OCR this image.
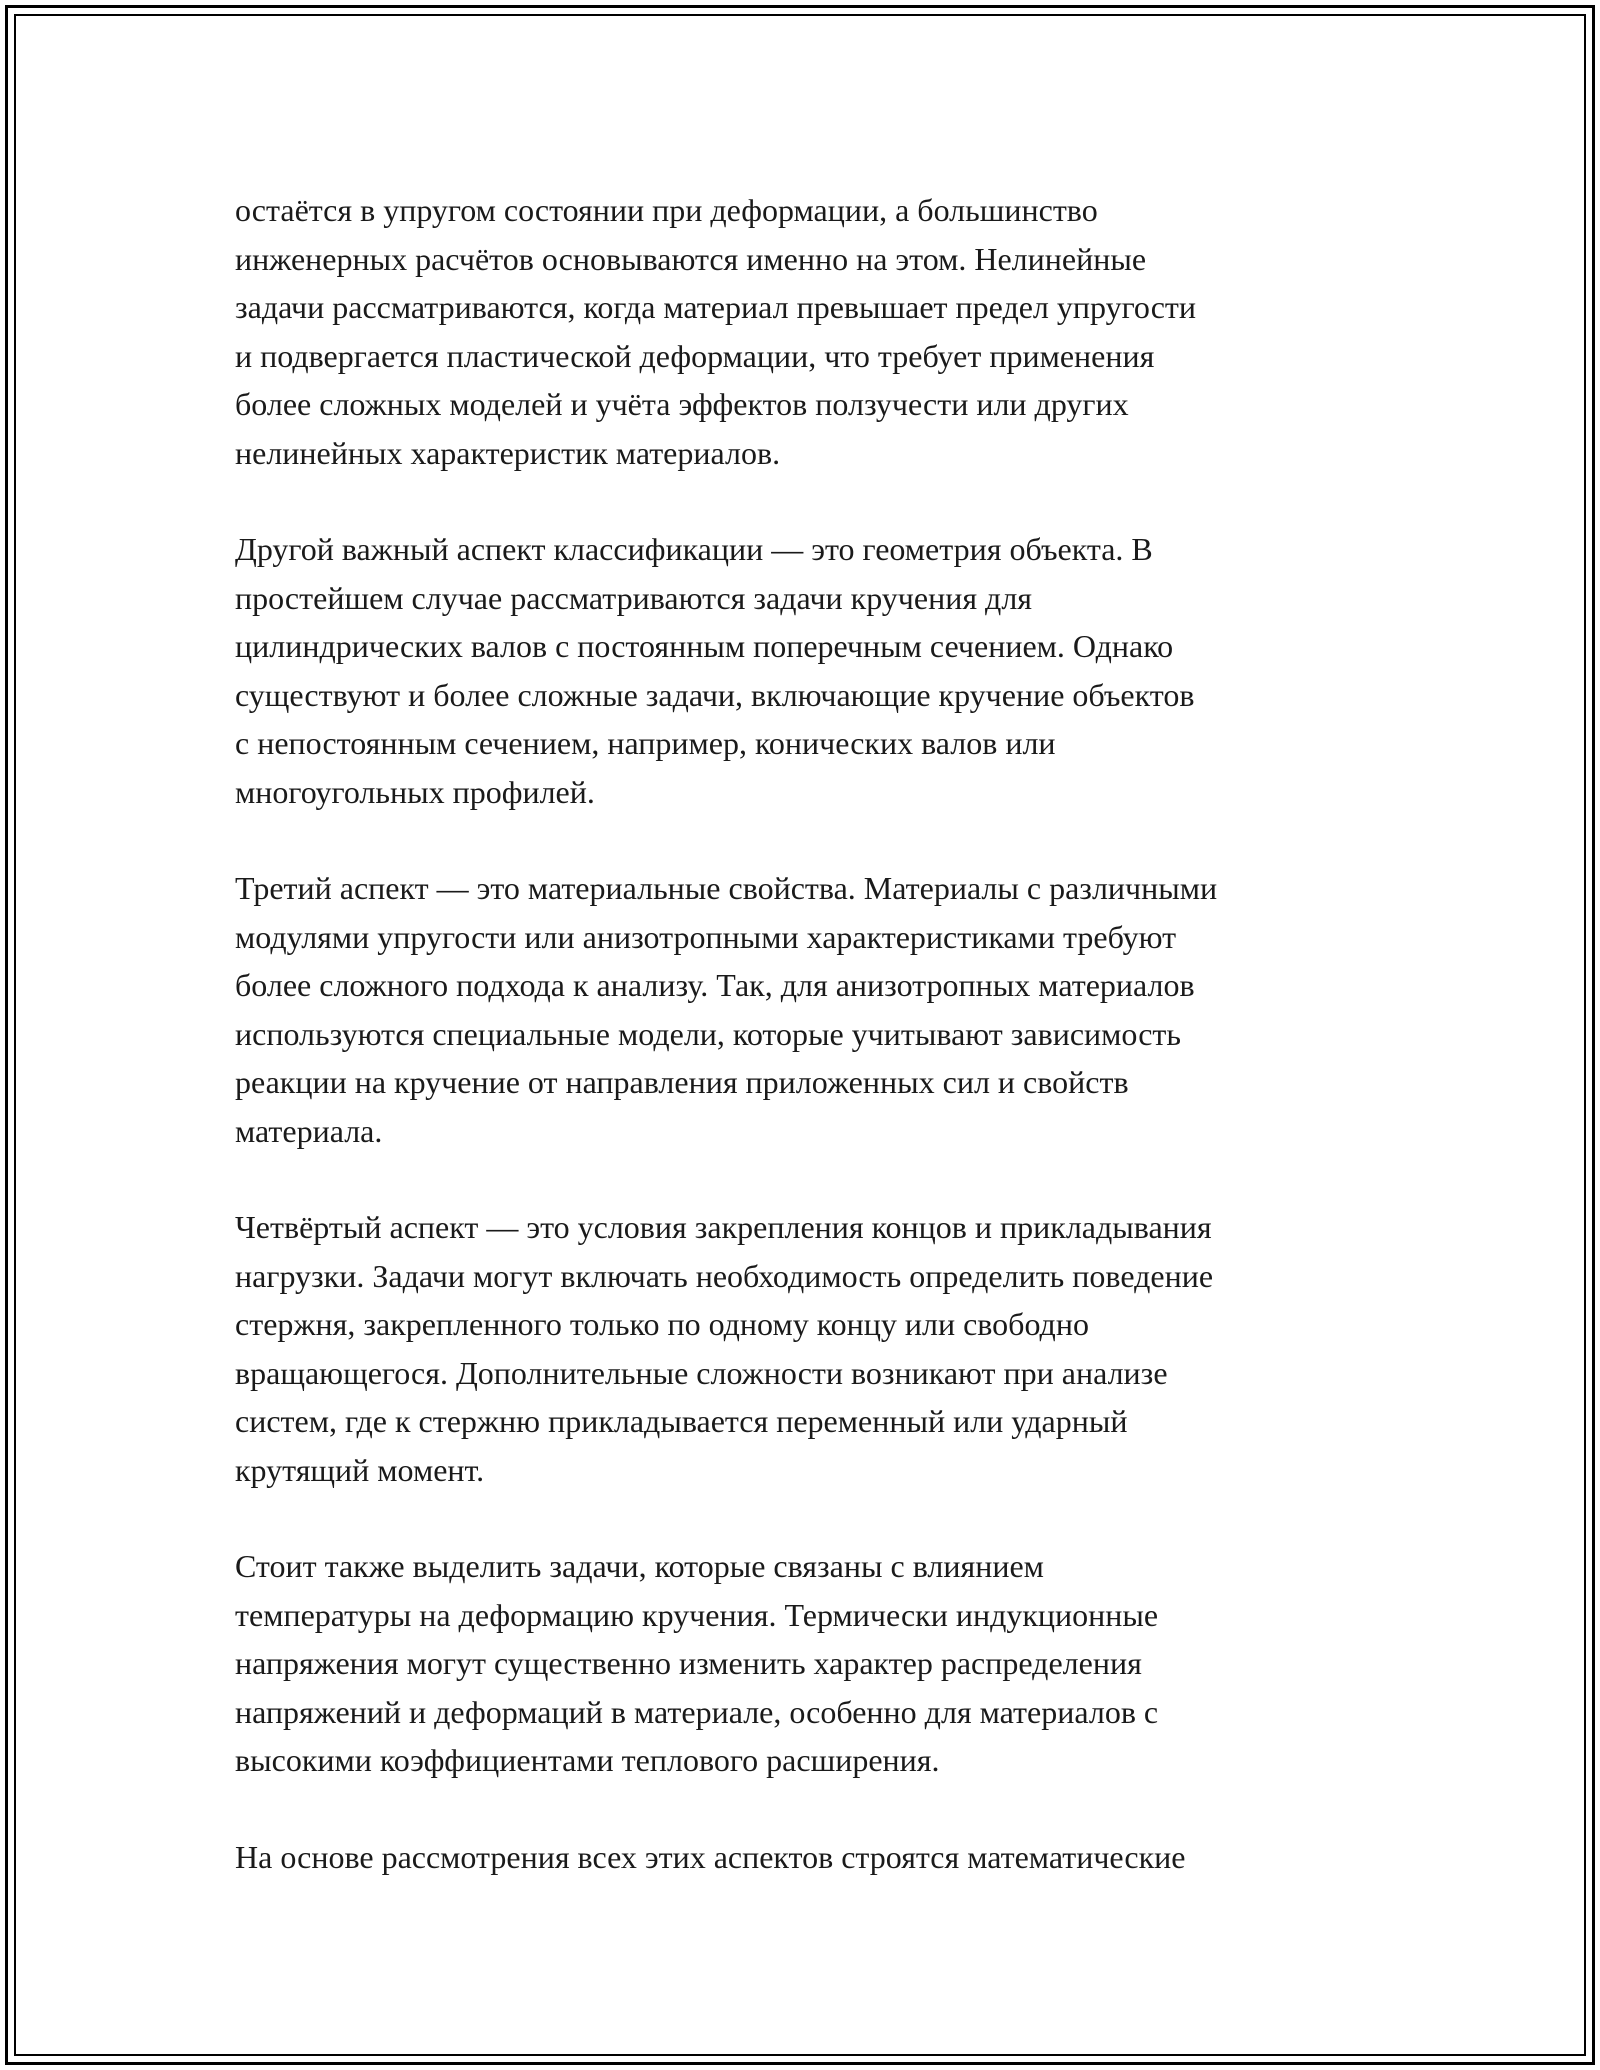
остаётся в упругом состоянии при деформации, а большинство
инженерных расчётов основываются именно на этом. Нелинейные
задачи рассматриваются, когда материал превышает предел упругости
и подвергается пластической деформации, что требует применения
более сложных моделей и учёта эффектов ползучести или других
нелинейных характеристик материалов.

Другой важный аспект классификации — это геометрия объекта. В
простейшем случае рассматриваются задачи кручения для
цилиндрических валов с постоянным поперечным сечением. Однако
существуют и более сложные задачи, включающие кручение объектов
с непостоянным сечением, например, конических валов или
многоугольных профилей.

Третий аспект — это материальные свойства. Материалы с различными
модулями упругости или анизотропными характеристиками требуют
более сложного подхода к анализу. Так, для анизотропных материалов
используются специальные модели, которые учитывают зависимость
реакции на кручение от направления приложенных сил и свойств
материала.

Четвёртый аспект — это условия закрепления концов и прикладывания
нагрузки. Задачи могут включать необходимость определить поведение
стержня, закрепленного только по одному концу или свободно
вращающегося. Дополнительные сложности возникают при анализе
систем, где к стержню прикладывается переменный или ударный
крутящий момент.

Стоит также выделить задачи, которые связаны с влиянием
температуры на деформацию кручения. Термически индукционные
напряжения могут существенно изменить характер распределения
напряжений и деформаций в материале, особенно для материалов с
высокими коэффициентами теплового расширения.

На основе рассмотрения всех этих аспектов строятся математические
